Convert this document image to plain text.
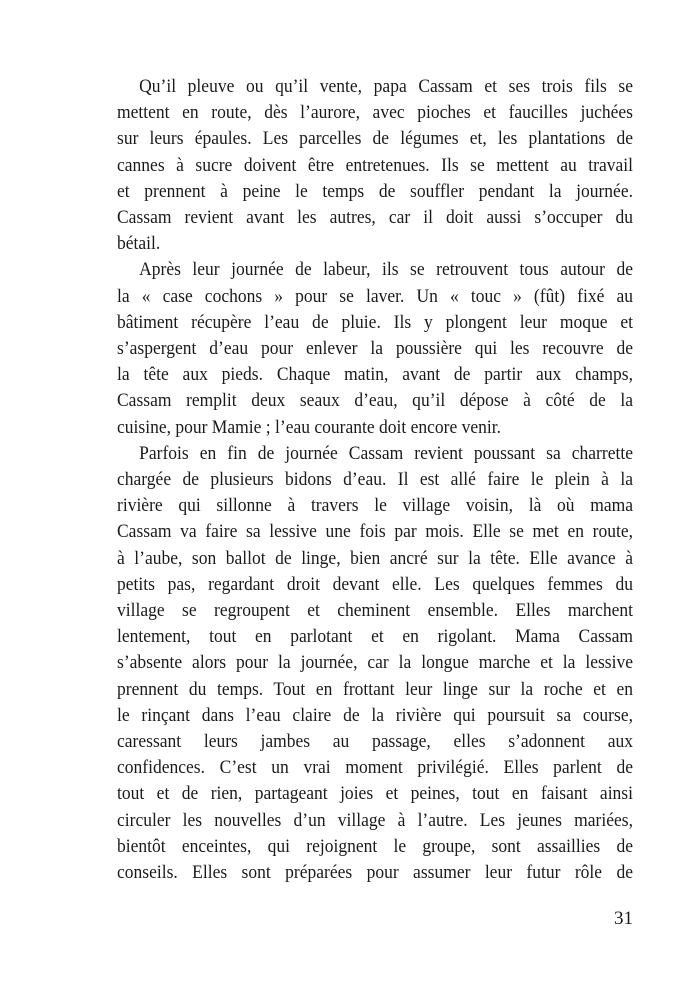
Qu’il pleuve ou qu’il vente, papa Cassam et ses trois fils se
mettent en route, dès l’aurore, avec pioches et faucilles juchées
sur leurs épaules. Les parcelles de légumes et, les plantations de
cannes à sucre doivent être entretenues. Ils se mettent au travail
et prennent à peine le temps de souffler pendant la journée.
Cassam revient avant les autres, car il doit aussi s’occuper du
bétail.
Après leur journée de labeur, ils se retrouvent tous autour de
la « case cochons » pour se laver. Un « touc » (fût) fixé au
bâtiment récupère l’eau de pluie. Ils y plongent leur moque et
s’aspergent d’eau pour enlever la poussière qui les recouvre de
la tête aux pieds. Chaque matin, avant de partir aux champs,
Cassam remplit deux seaux d’eau, qu’il dépose à côté de la
cuisine, pour Mamie ; l’eau courante doit encore venir.
Parfois en fin de journée Cassam revient poussant sa charrette
chargée de plusieurs bidons d’eau. Il est allé faire le plein à la
rivière qui sillonne à travers le village voisin, là où mama
Cassam va faire sa lessive une fois par mois. Elle se met en route,
à l’aube, son ballot de linge, bien ancré sur la tête. Elle avance à
petits pas, regardant droit devant elle. Les quelques femmes du
village se regroupent et cheminent ensemble. Elles marchent
lentement, tout en parlotant et en rigolant. Mama Cassam
s’absente alors pour la journée, car la longue marche et la lessive
prennent du temps. Tout en frottant leur linge sur la roche et en
le rinçant dans l’eau claire de la rivière qui poursuit sa course,
caressant leurs jambes au passage, elles s’adonnent aux
confidences. C’est un vrai moment privilégié. Elles parlent de
tout et de rien, partageant joies et peines, tout en faisant ainsi
circuler les nouvelles d’un village à l’autre. Les jeunes mariées,
bientôt enceintes, qui rejoignent le groupe, sont assaillies de
conseils. Elles sont préparées pour assumer leur futur rôle de
31
